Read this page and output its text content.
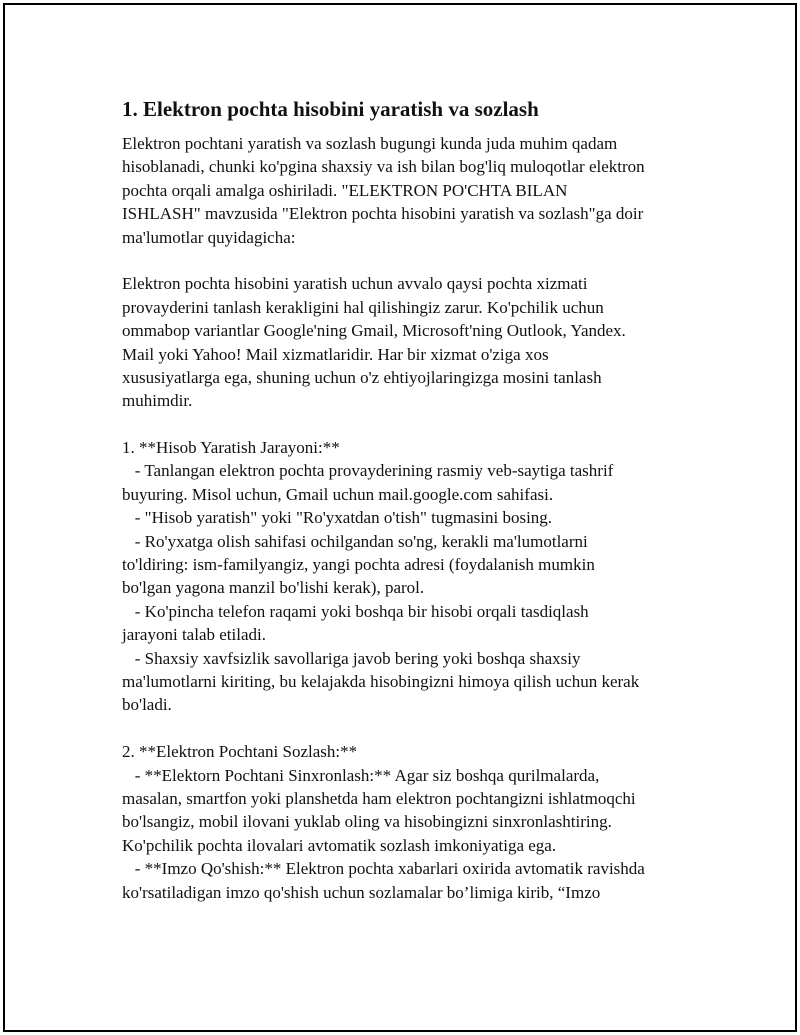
1. Elektron pochta hisobini yaratish va sozlash
Elektron pochtani yaratish va sozlash bugungi kunda juda muhim qadam
hisoblanadi, chunki ko'pgina shaxsiy va ish bilan bog'liq muloqotlar elektron
pochta orqali amalga oshiriladi. "ELEKTRON PO'CHTA BILAN
ISHLASH" mavzusida "Elektron pochta hisobini yaratish va sozlash"ga doir
ma'lumotlar quyidagicha:
Elektron pochta hisobini yaratish uchun avvalo qaysi pochta xizmati
provayderini tanlash kerakligini hal qilishingiz zarur. Ko'pchilik uchun
ommabop variantlar Google'ning Gmail, Microsoft'ning Outlook, Yandex.
Mail yoki Yahoo! Mail xizmatlaridir. Har bir xizmat o'ziga xos
xususiyatlarga ega, shuning uchun o'z ehtiyojlaringizga mosini tanlash
muhimdir.
1. **Hisob Yaratish Jarayoni:**
- Tanlangan elektron pochta provayderining rasmiy veb-saytiga tashrif
buyuring. Misol uchun, Gmail uchun mail.google.com sahifasi.
- "Hisob yaratish" yoki "Ro'yxatdan o'tish" tugmasini bosing.
- Ro'yxatga olish sahifasi ochilgandan so'ng, kerakli ma'lumotlarni
to'ldiring: ism-familyangiz, yangi pochta adresi (foydalanish mumkin
bo'lgan yagona manzil bo'lishi kerak), parol.
- Ko'pincha telefon raqami yoki boshqa bir hisobi orqali tasdiqlash
jarayoni talab etiladi.
- Shaxsiy xavfsizlik savollariga javob bering yoki boshqa shaxsiy
ma'lumotlarni kiriting, bu kelajakda hisobingizni himoya qilish uchun kerak
bo'ladi.
2. **Elektron Pochtani Sozlash:**
- **Elektorn Pochtani Sinxronlash:** Agar siz boshqa qurilmalarda,
masalan, smartfon yoki planshetda ham elektron pochtangizni ishlatmoqchi
bo'lsangiz, mobil ilovani yuklab oling va hisobingizni sinxronlashtiring.
Ko'pchilik pochta ilovalari avtomatik sozlash imkoniyatiga ega.
- **Imzo Qo'shish:** Elektron pochta xabarlari oxirida avtomatik ravishda
ko'rsatiladigan imzo qo'shish uchun sozlamalar bo’limiga kirib, “Imzo
